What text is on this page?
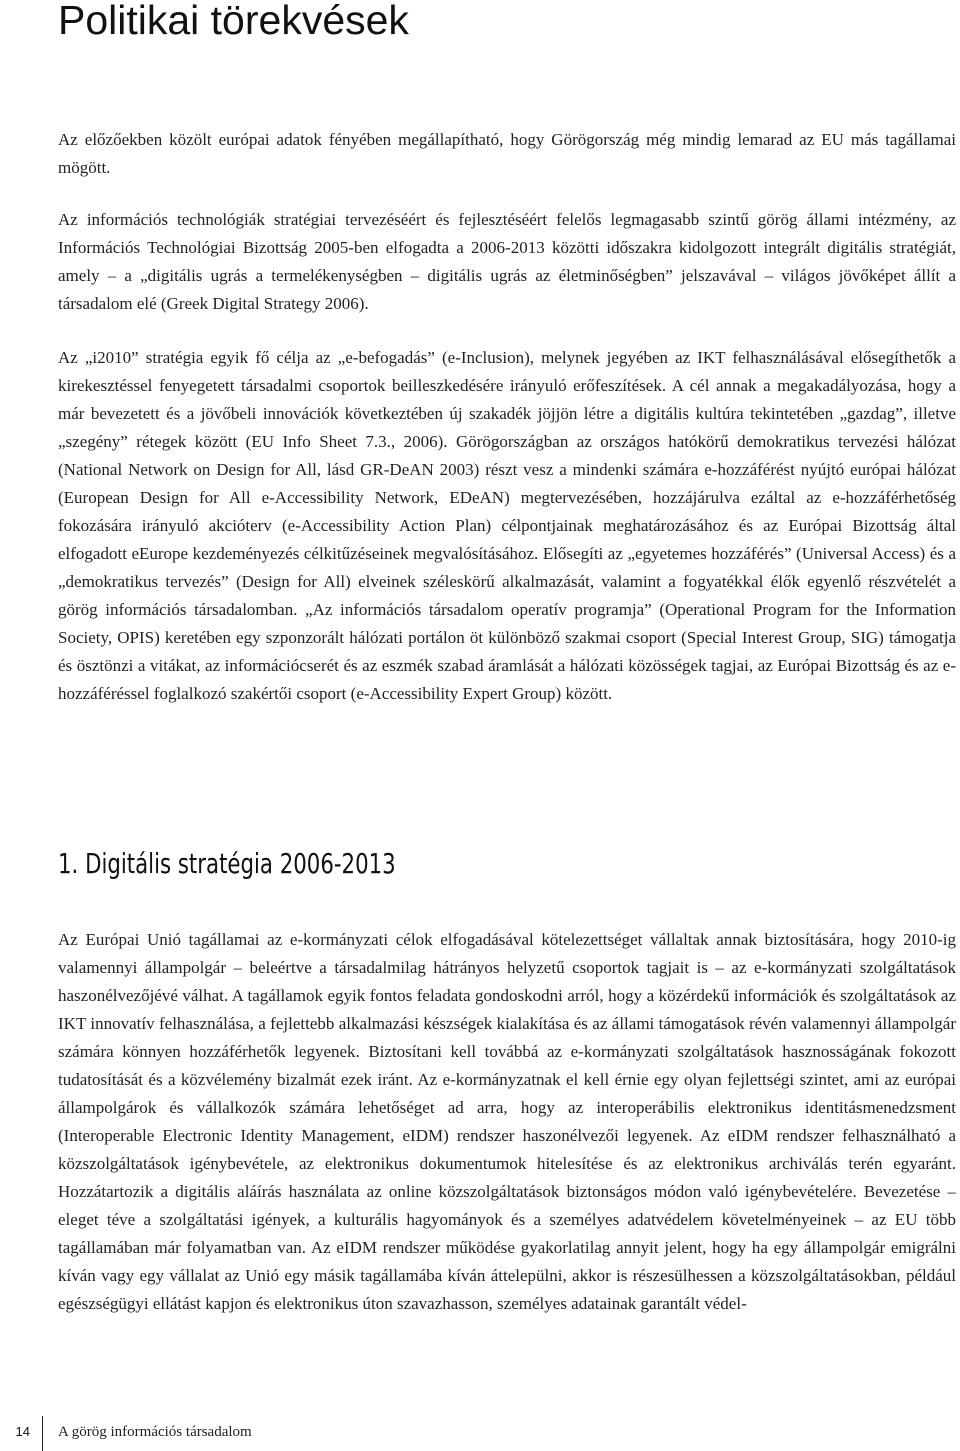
Politikai törekvések

Az előzőekben közölt európai adatok fényében megállapítható, hogy Görögország még mindig lemarad az EU más tagállamai mögött.

Az információs technológiák stratégiai tervezéséért és fejlesztéséért felelős legmagasabb szintű görög állami intézmény, az Információs Technológiai Bizottság 2005-ben elfogadta a 2006-2013 közötti időszakra kidolgozott integrált digitális stratégiát, amely – a „digitális ugrás a termelékenységben – digitális ugrás az életminőségben” jelszavával – világos jövőképet állít a társadalom elé (Greek Digital Strategy 2006).

Az „i2010” stratégia egyik fő célja az „e-befogadás” (e-Inclusion), melynek jegyében az IKT felhasználásával elősegíthetők a kirekesztéssel fenyegetett társadalmi csoportok beilleszkedésére irányuló erőfeszítések. A cél annak a megakadályozása, hogy a már bevezetett és a jövőbeli innovációk következtében új szakadék jöjjön létre a digitális kultúra tekintetében „gazdag”, illetve „szegény” rétegek között (EU Info Sheet 7.3., 2006). Görögországban az országos hatókörű demokratikus tervezési hálózat (National Network on Design for All, lásd GR-DeAN 2003) részt vesz a mindenki számára e-hozzáférést nyújtó európai hálózat (European Design for All e-Accessibility Network, EDeAN) megtervezésében, hozzájárulva ezáltal az e-hozzáférhetőség fokozására irányuló akcióterv (e-Accessibility Action Plan) célpontjainak meghatározásához és az Európai Bizottság által elfogadott eEurope kezdeményezés célkitűzéseinek megvalósításához. Elősegíti az „egyetemes hozzáférés” (Universal Access) és a „demokratikus tervezés” (Design for All) elveinek széleskörű alkalmazását, valamint a fogyatékkal élők egyenlő részvételét a görög információs társadalomban. „Az információs társadalom operatív programja” (Operational Program for the Information Society, OPIS) keretében egy szponzorált hálózati portálon öt különböző szakmai csoport (Special Interest Group, SIG) támogatja és ösztönzi a vitákat, az információcserét és az eszmék szabad áramlását a hálózati közösségek tagjai, az Európai Bizottság és az e-hozzáféréssel foglalkozó szakértői csoport (e-Accessibility Expert Group) között.

1. Digitális stratégia 2006-2013

Az Európai Unió tagállamai az e-kormányzati célok elfogadásával kötelezettséget vállaltak annak biztosítására, hogy 2010-ig valamennyi állampolgár – beleértve a társadalmilag hátrányos helyzetű csoportok tagjait is – az e-kormányzati szolgáltatások haszonélvezőjévé válhat. A tagállamok egyik fontos feladata gondoskodni arról, hogy a közérdekű információk és szolgáltatások az IKT innovatív felhasználása, a fejlettebb alkalmazási készségek kialakítása és az állami támogatások révén valamennyi állampolgár számára könnyen hozzáférhetők legyenek. Biztosítani kell továbbá az e-kormányzati szolgáltatások hasznosságának fokozott tudatosítását és a közvélemény bizalmát ezek iránt. Az e-kormányzatnak el kell érnie egy olyan fejlettségi szintet, ami az európai állampolgárok és vállalkozók számára lehetőséget ad arra, hogy az interoperábilis elektronikus identitásmenedzsment (Interoperable Electronic Identity Management, eIDM) rendszer haszonélvezői legyenek. Az eIDM rendszer felhasználható a közszolgáltatások igénybevétele, az elektronikus dokumentumok hitelesítése és az elektronikus archiválás terén egyaránt. Hozzátartozik a digitális aláírás használata az online közszolgáltatások biztonságos módon való igénybevételére. Bevezetése – eleget téve a szolgáltatási igények, a kulturális hagyományok és a személyes adatvédelem követelményeinek – az EU több tagállamában már folyamatban van. Az eIDM rendszer működése gyakorlatilag annyit jelent, hogy ha egy állampolgár emigrálni kíván vagy egy vállalat az Unió egy másik tagállamába kíván áttelepülni, akkor is részesülhessen a közszolgáltatásokban, például egészségügyi ellátást kapjon és elektronikus úton szavazhasson, személyes adatainak garantált védel-

14 A görög információs társadalom
